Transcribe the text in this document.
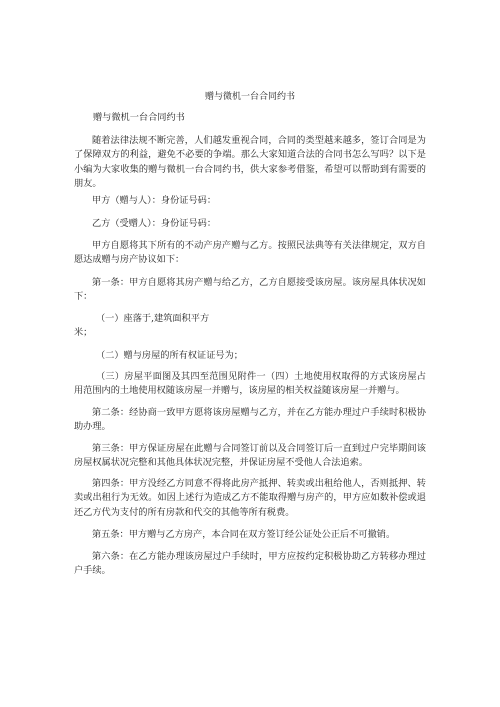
赠与微机一台合同约书

赠与微机一台合同约书

随着法律法规不断完善，人们越发重视合同，合同的类型越来越多，签订合同是为了保障双方的利益，避免不必要的争端。那么大家知道合法的合同书怎么写吗？以下是小编为大家收集的赠与微机一台合同约书，供大家参考借鉴，希望可以帮助到有需要的朋友。

甲方（赠与人）：身份证号码：

乙方（受赠人）：身份证号码：

甲方自愿将其下所有的不动产房产赠与乙方。按照民法典等有关法律规定，双方自愿达成赠与房产协议如下：

第一条：甲方自愿将其房产赠与给乙方，乙方自愿接受该房屋。该房屋具体状况如下：

（一）座落于,建筑面积平方

米；

（二）赠与房屋的所有权证证号为；

（三）房屋平面图及其四至范围见附件一（四）土地使用权取得的方式该房屋占用范围内的土地使用权随该房屋一并赠与，该房屋的相关权益随该房屋一并赠与。

第二条：经协商一致甲方愿将该房屋赠与乙方，并在乙方能办理过户手续时积极协助办理。

第三条：甲方保证房屋在此赠与合同签订前以及合同签订后一直到过户完毕期间该房屋权属状况完整和其他具体状况完整，并保证房屋不受他人合法追索。

第四条：甲方没经乙方同意不得将此房产抵押、转卖或出租给他人，否则抵押、转卖或出租行为无效。如因上述行为造成乙方不能取得赠与房产的，甲方应如数补偿或退还乙方代为支付的所有房款和代交的其他等所有税费。

第五条：甲方赠与乙方房产，本合同在双方签订经公证处公正后不可撤销。

第六条：在乙方能办理该房屋过户手续时，甲方应按约定积极协助乙方转移办理过户手续。
